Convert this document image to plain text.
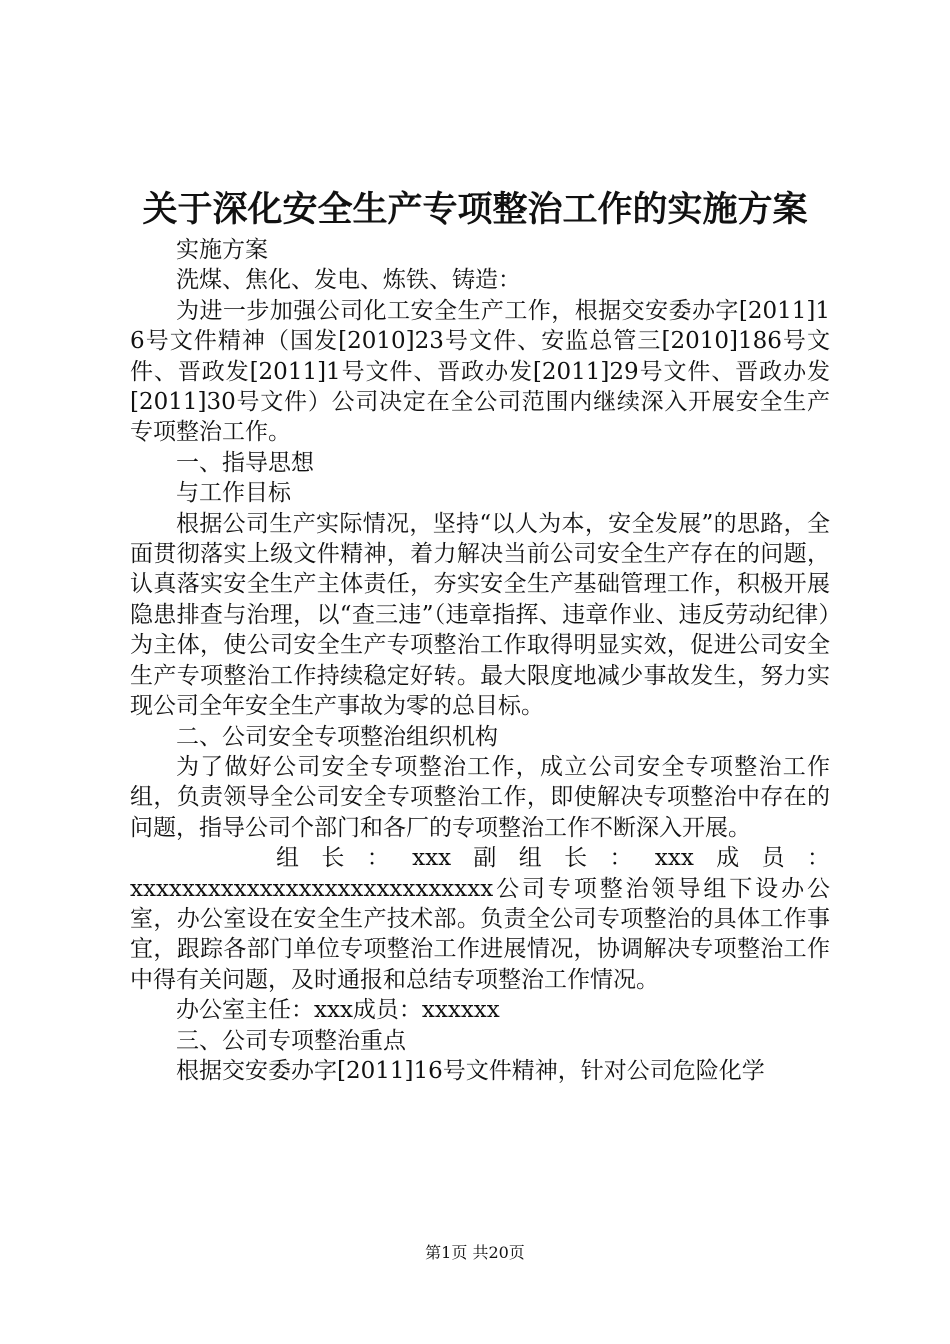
关于深化安全生产专项整治工作的实施方案

实施方案

洗煤、焦化、发电、炼铁、铸造：

为进一步加强公司化工安全生产工作，根据交安委办字[2011]16号文件精神（国发[2010]23号文件、安监总管三[2010]186号文件、晋政发[2011]1号文件、晋政办发[2011]29号文件、晋政办发[2011]30号文件）公司决定在全公司范围内继续深入开展安全生产专项整治工作。

一、指导思想

与工作目标

根据公司生产实际情况，坚持“以人为本，安全发展”的思路，全面贯彻落实上级文件精神，着力解决当前公司安全生产存在的问题，认真落实安全生产主体责任，夯实安全生产基础管理工作，积极开展隐患排查与治理，以“查三违”（违章指挥、违章作业、违反劳动纪律）为主体，使公司安全生产专项整治工作取得明显实效，促进公司安全生产专项整治工作持续稳定好转。最大限度地减少事故发生，努力实现公司全年安全生产事故为零的总目标。

二、公司安全专项整治组织机构

为了做好公司安全专项整治工作，成立公司安全专项整治工作组，负责领导全公司安全专项整治工作，即使解决专项整治中存在的问题，指导公司个部门和各厂的专项整治工作不断深入开展。

组 长 ： xxx 副 组 长 ： xxx 成 员 ：

xxxxxxxxxxxxxxxxxxxxxxxxxxxx公司专项整治领导组下设办公室，办公室设在安全生产技术部。负责全公司专项整治的具体工作事宜，跟踪各部门单位专项整治工作进展情况，协调解决专项整治工作中得有关问题，及时通报和总结专项整治工作情况。

办公室主任：xxx成员：xxxxxx

三、公司专项整治重点

根据交安委办字[2011]16号文件精神，针对公司危险化学

第1页 共20页
